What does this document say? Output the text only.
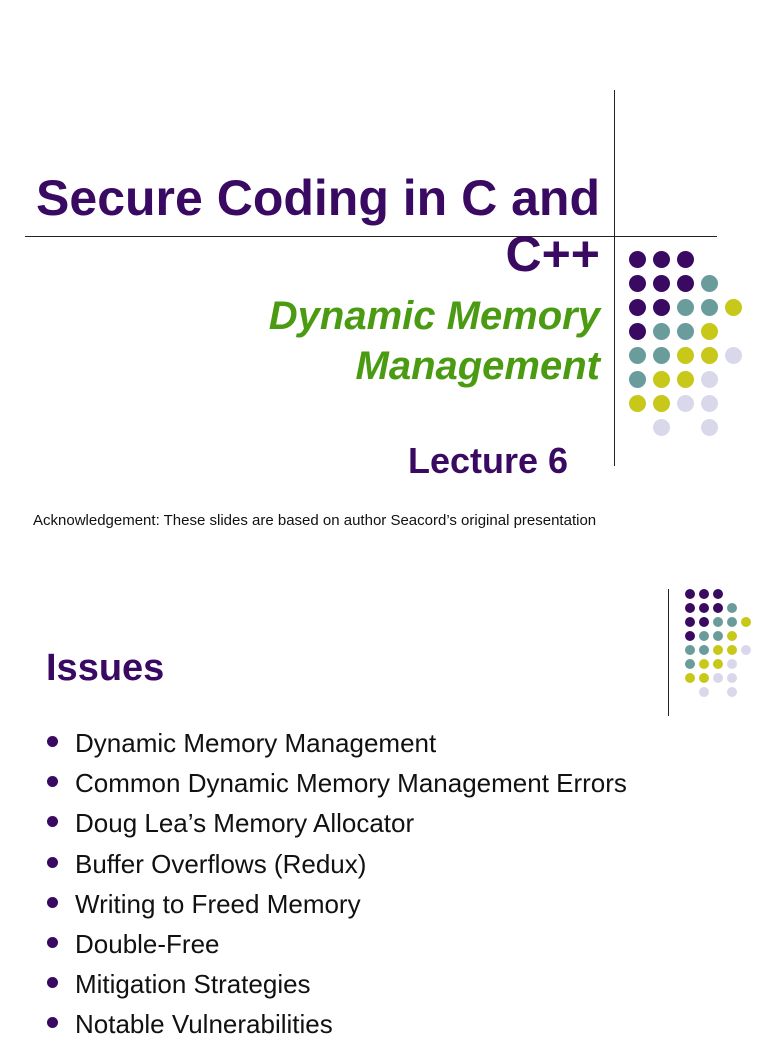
Secure Coding in C and C++
Dynamic Memory Management
Lecture 6
Acknowledgement: These slides are based on author Seacord’s original presentation
Issues
Dynamic Memory Management
Common Dynamic Memory Management Errors
Doug Lea’s Memory Allocator
Buffer Overflows (Redux)
Writing to Freed Memory
Double-Free
Mitigation Strategies
Notable Vulnerabilities
